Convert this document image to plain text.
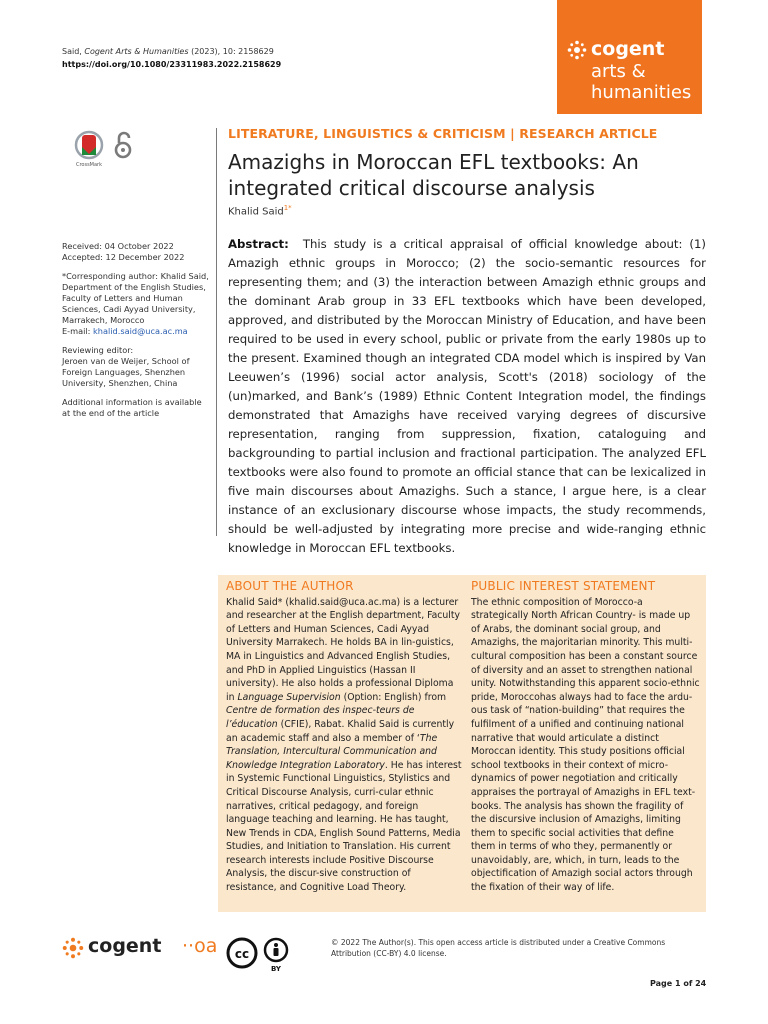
Said, Cogent Arts & Humanities (2023), 10: 2158629
https://doi.org/10.1080/23311983.2022.2158629
cogent
arts &
humanities
CrossMark
LITERATURE, LINGUISTICS & CRITICISM | RESEARCH ARTICLE
Amazighs in Moroccan EFL textbooks: An integrated critical discourse analysis
Khalid Said$^{1*}$

Received: 04 October 2022
Accepted: 12 December 2022

*Corresponding author: Khalid Said, Department of the English Studies, Faculty of Letters and Human Sciences, Cadi Ayyad University, Marrakech, Morocco
E-mail: khalid.said@uca.ac.ma

Reviewing editor:
Jeroen van de Weijer, School of Foreign Languages, Shenzhen University, Shenzhen, China

Additional information is available at the end of the article

Abstract: This study is a critical appraisal of official knowledge about: (1) Amazigh ethnic groups in Morocco; (2) the socio-semantic resources for representing them; and (3) the interaction between Amazigh ethnic groups and the dominant Arab group in 33 EFL textbooks which have been developed, approved, and distributed by the Moroccan Ministry of Education, and have been required to be used in every school, public or private from the early 1980s up to the present. Examined though an integrated CDA model which is inspired by Van Leeuwen’s (1996) social actor analysis, Scott's (2018) sociology of the (un)marked, and Bank’s (1989) Ethnic Content Integration model, the findings demonstrated that Amazighs have received varying degrees of discursive representation, ranging from suppression, fixation, cataloguing and backgrounding to partial inclusion and fractional participation. The analyzed EFL textbooks were also found to promote an official stance that can be lexicalized in five main discourses about Amazighs. Such a stance, I argue here, is a clear instance of an exclusionary discourse whose impacts, the study recommends, should be well-adjusted by integrating more precise and wide-ranging ethnic knowledge in Moroccan EFL textbooks.
ABOUT THE AUTHOR
Khalid Said* (khalid.said@uca.ac.ma) is a lecturer and researcher at the English department, Faculty of Letters and Human Sciences, Cadi Ayyad University Marrakech. He holds BA in lin-guistics, MA in Linguistics and Advanced English Studies, and PhD in Applied Linguistics (Hassan II university). He also holds a professional Diploma in Language Supervision (Option: English) from Centre de formation des inspec-teurs de l’éducation (CFIE), Rabat. Khalid Said is currently an academic staff and also a member of ‘The Translation, Intercultural Communication and Knowledge Integration Laboratory. He has interest in Systemic Functional Linguistics, Stylistics and Critical Discourse Analysis, curri-cular ethnic narratives, critical pedagogy, and foreign language teaching and learning. He has taught, New Trends in CDA, English Sound Patterns, Media Studies, and Initiation to Translation. His current research interests include Positive Discourse Analysis, the discur-sive construction of resistance, and Cognitive Load Theory.
PUBLIC INTEREST STATEMENT
The ethnic composition of Morocco-a strategically North African Country- is made up of Arabs, the dominant social group, and Amazighs, the majoritarian minority. This multi-cultural composition has been a constant source of diversity and an asset to strengthen national unity. Notwithstanding this apparent socio-ethnic pride, Moroccohas always had to face the ardu-ous task of “nation-building” that requires the fulfilment of a unified and continuing national narrative that would articulate a distinct Moroccan identity. This study positions official school textbooks in their context of micro-dynamics of power negotiation and critically appraises the portrayal of Amazighs in EFL text-books. The analysis has shown the fragility of the discursive inclusion of Amazighs, limiting them to specific social activities that define them in terms of who they, permanently or unavoidably, are, which, in turn, leads to the objectification of Amazigh social actors through the fixation of their way of life.
cogent ··oa cc
BY
© 2022 The Author(s). This open access article is distributed under a Creative Commons Attribution (CC-BY) 4.0 license.
Page 1 of 24
